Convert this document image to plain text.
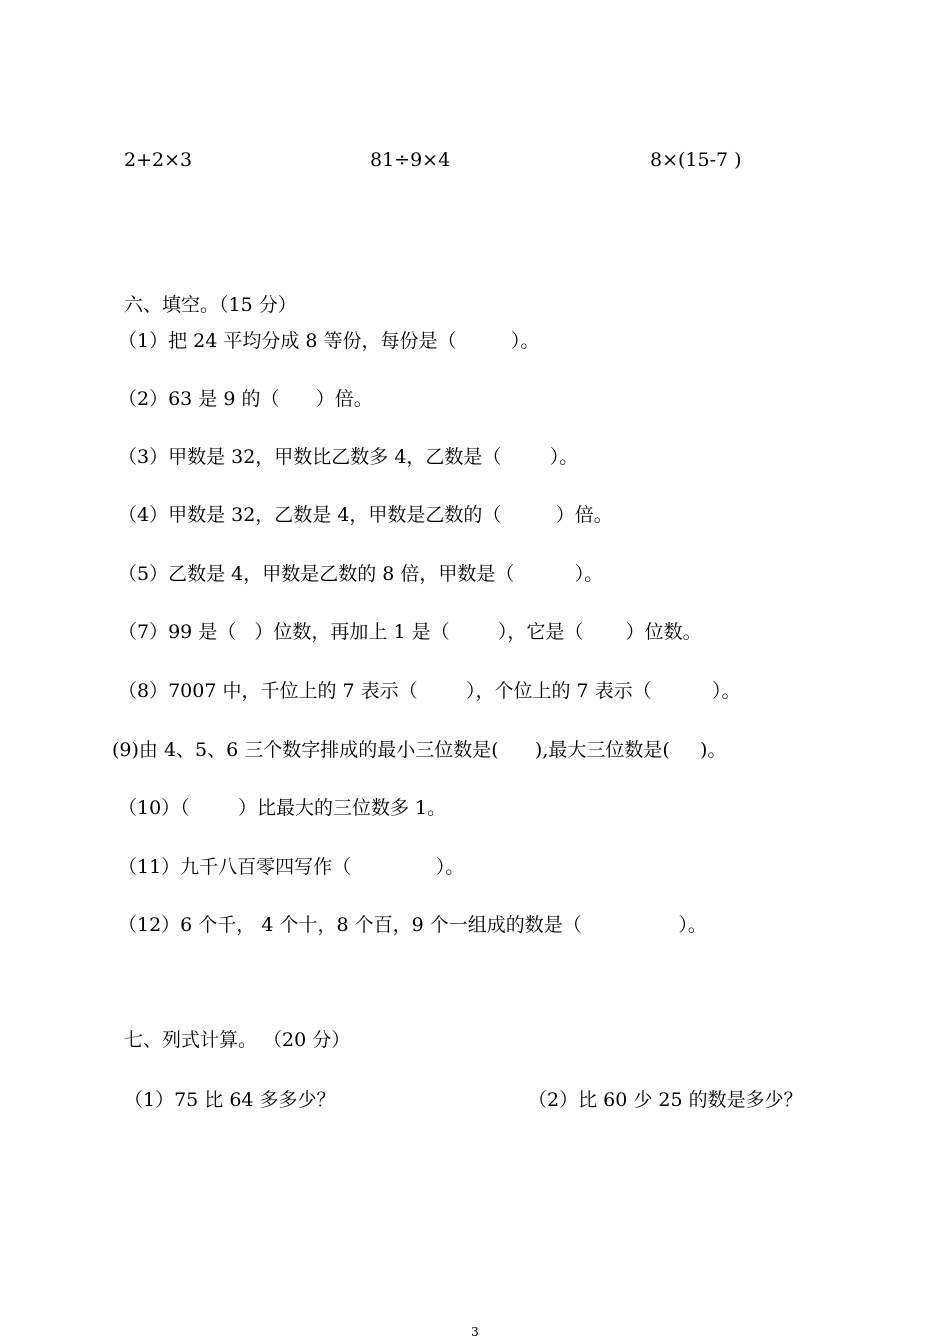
2+2×3	81÷9×4	8×(15-7 )
六、填空。（15 分）
（1）把 24 平均分成 8 等份，每份是（         ）。
（2）63 是 9 的（      ）倍。
（3）甲数是 32，甲数比乙数多 4，乙数是（        ）。
（4）甲数是 32，乙数是 4，甲数是乙数的（         ）倍。
（5）乙数是 4，甲数是乙数的 8 倍，甲数是（          ）。
（7）99 是（   ）位数，再加上 1 是（        ），它是（       ）位数。
（8）7007 中，千位上的 7 表示（        ），个位上的 7 表示（          ）。
(9)由 4、5、6 三个数字排成的最小三位数是(      ),最大三位数是(     )。
（10）（        ）比最大的三位数多 1。
（11）九千八百零四写作（              ）。
（12）6 个千， 4 个十，8 个百，9 个一组成的数是（                ）。
七、列式计算。 （20 分）
（1）75 比 64 多多少？	（2）比 60 少 25 的数是多少？
3
